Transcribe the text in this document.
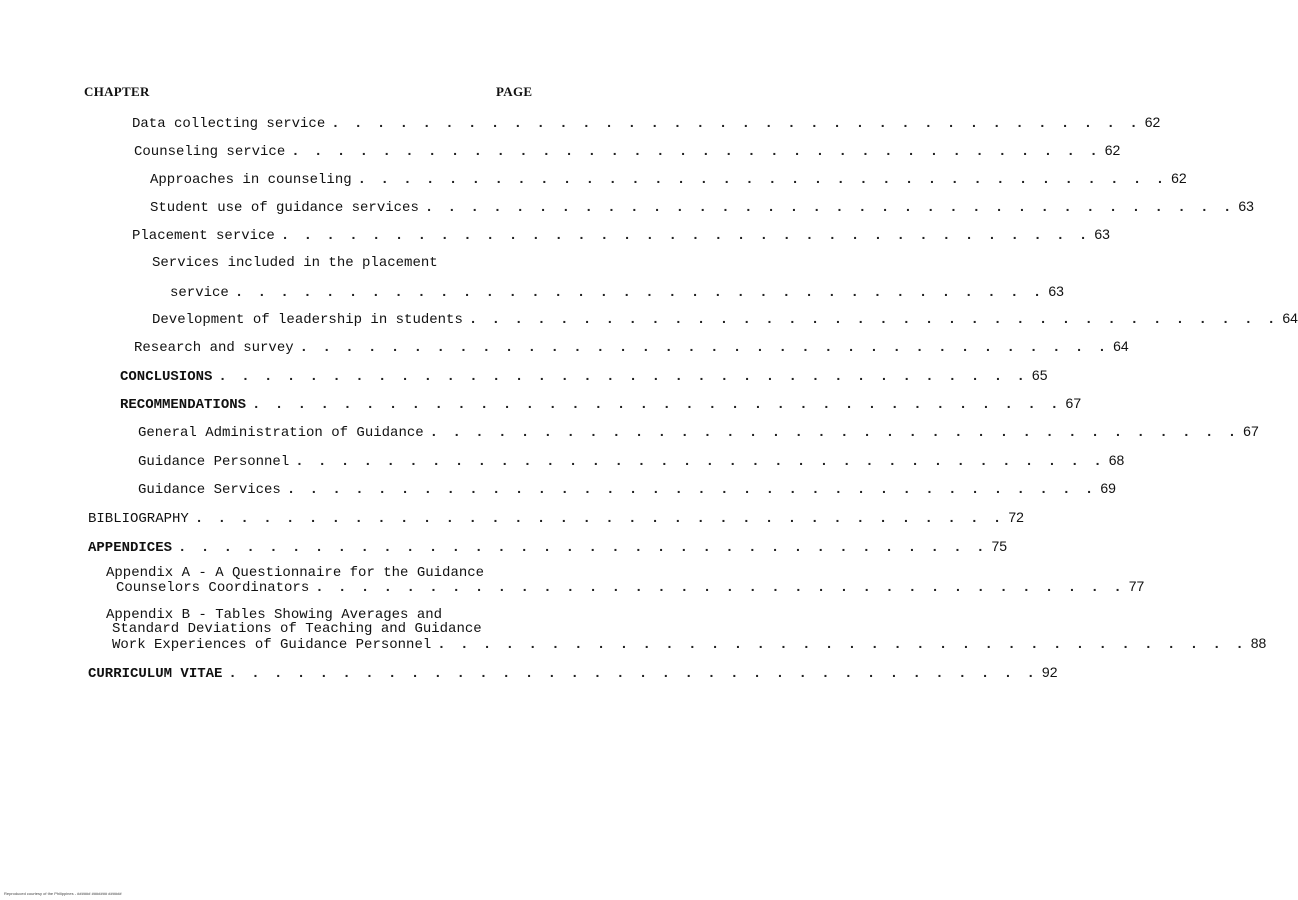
CHAPTER	PAGE
Data collecting service . . . . . . . . . . . . . . . . . . . . . . . . . . . . . . . . . . . . 62
Counseling service . . . . . . . . . . . . . . . . . . . . . . . . . . . . . . . . . . . . 62
Approaches in counseling . . . . . . . . . . . . . . . . . . . . . . . . . . . . . . . . . . . . 62
Student use of guidance services . . . . . . . . . . . . . . . . . . . . . . . . . . . . . . . . . . . . 63
Placement service . . . . . . . . . . . . . . . . . . . . . . . . . . . . . . . . . . . . 63
Services included in the placement
service . . . . . . . . . . . . . . . . . . . . . . . . . . . . . . . . . . . . 63
Development of leadership in students . . . . . . . . . . . . . . . . . . . . . . . . . . . . . . . . . . . . 64
Research and survey . . . . . . . . . . . . . . . . . . . . . . . . . . . . . . . . . . . . 64
CONCLUSIONS . . . . . . . . . . . . . . . . . . . . . . . . . . . . . . . . . . . . 65
RECOMMENDATIONS . . . . . . . . . . . . . . . . . . . . . . . . . . . . . . . . . . . . 67
General Administration of Guidance . . . . . . . . . . . . . . . . . . . . . . . . . . . . . . . . . . . . 67
Guidance Personnel . . . . . . . . . . . . . . . . . . . . . . . . . . . . . . . . . . . . 68
Guidance Services . . . . . . . . . . . . . . . . . . . . . . . . . . . . . . . . . . . . 69
BIBLIOGRAPHY . . . . . . . . . . . . . . . . . . . . . . . . . . . . . . . . . . . . 72
APPENDICES . . . . . . . . . . . . . . . . . . . . . . . . . . . . . . . . . . . . 75
Appendix A - A Questionnaire for the Guidance
Counselors Coordinators . . . . . . . . . . . . . . . . . . . . . . . . . . . . . . . . . . . . 77
Appendix B - Tables Showing Averages and
Standard Deviations of Teaching and Guidance
Work Experiences of Guidance Personnel . . . . . . . . . . . . . . . . . . . . . . . . . . . . . . . . . . . . 88
CURRICULUM VITAE . . . . . . . . . . . . . . . . . . . . . . . . . . . . . . . . . . . . 92
Reproduced courtesy of the Philippines - ###### ####### ######
